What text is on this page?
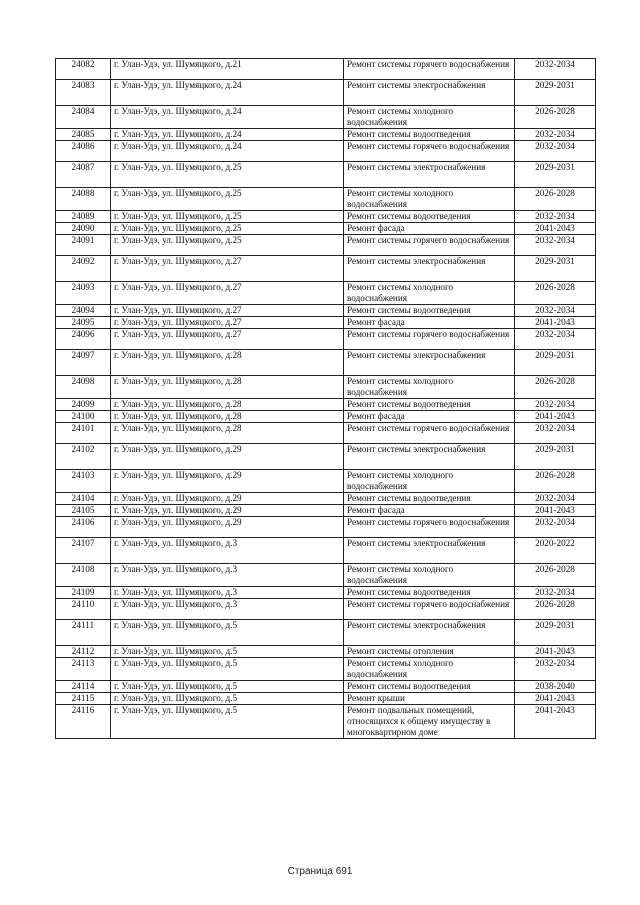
24082	г. Улан-Удэ, ул. Шумяцкого, д.21	Ремонт системы горячего водоснабжения	2032-2034
24083	г. Улан-Удэ, ул. Шумяцкого, д.24	Ремонт системы электроснабжения	2029-2031
24084	г. Улан-Удэ, ул. Шумяцкого, д.24	Ремонт системы холодного водоснабжения	2026-2028
24085	г. Улан-Удэ, ул. Шумяцкого, д.24	Ремонт системы водоотведения	2032-2034
24086	г. Улан-Удэ, ул. Шумяцкого, д.24	Ремонт системы горячего водоснабжения	2032-2034
24087	г. Улан-Удэ, ул. Шумяцкого, д.25	Ремонт системы электроснабжения	2029-2031
24088	г. Улан-Удэ, ул. Шумяцкого, д.25	Ремонт системы холодного водоснабжения	2026-2028
24089	г. Улан-Удэ, ул. Шумяцкого, д.25	Ремонт системы водоотведения	2032-2034
24090	г. Улан-Удэ, ул. Шумяцкого, д.25	Ремонт фасада	2041-2043
24091	г. Улан-Удэ, ул. Шумяцкого, д.25	Ремонт системы горячего водоснабжения	2032-2034
24092	г. Улан-Удэ, ул. Шумяцкого, д.27	Ремонт системы электроснабжения	2029-2031
24093	г. Улан-Удэ, ул. Шумяцкого, д.27	Ремонт системы холодного водоснабжения	2026-2028
24094	г. Улан-Удэ, ул. Шумяцкого, д.27	Ремонт системы водоотведения	2032-2034
24095	г. Улан-Удэ, ул. Шумяцкого, д.27	Ремонт фасада	2041-2043
24096	г. Улан-Удэ, ул. Шумяцкого, д.27	Ремонт системы горячего водоснабжения	2032-2034
24097	г. Улан-Удэ, ул. Шумяцкого, д.28	Ремонт системы электроснабжения	2029-2031
24098	г. Улан-Удэ, ул. Шумяцкого, д.28	Ремонт системы холодного водоснабжения	2026-2028
24099	г. Улан-Удэ, ул. Шумяцкого, д.28	Ремонт системы водоотведения	2032-2034
24100	г. Улан-Удэ, ул. Шумяцкого, д.28	Ремонт фасада	2041-2043
24101	г. Улан-Удэ, ул. Шумяцкого, д.28	Ремонт системы горячего водоснабжения	2032-2034
24102	г. Улан-Удэ, ул. Шумяцкого, д.29	Ремонт системы электроснабжения	2029-2031
24103	г. Улан-Удэ, ул. Шумяцкого, д.29	Ремонт системы холодного водоснабжения	2026-2028
24104	г. Улан-Удэ, ул. Шумяцкого, д.29	Ремонт системы водоотведения	2032-2034
24105	г. Улан-Удэ, ул. Шумяцкого, д.29	Ремонт фасада	2041-2043
24106	г. Улан-Удэ, ул. Шумяцкого, д.29	Ремонт системы горячего водоснабжения	2032-2034
24107	г. Улан-Удэ, ул. Шумяцкого, д.3	Ремонт системы электроснабжения	2020-2022
24108	г. Улан-Удэ, ул. Шумяцкого, д.3	Ремонт системы холодного водоснабжения	2026-2028
24109	г. Улан-Удэ, ул. Шумяцкого, д.3	Ремонт системы водоотведения	2032-2034
24110	г. Улан-Удэ, ул. Шумяцкого, д.3	Ремонт системы горячего водоснабжения	2026-2028
24111	г. Улан-Удэ, ул. Шумяцкого, д.5	Ремонт системы электроснабжения	2029-2031
24112	г. Улан-Удэ, ул. Шумяцкого, д.5	Ремонт системы отопления	2041-2043
24113	г. Улан-Удэ, ул. Шумяцкого, д.5	Ремонт системы холодного водоснабжения	2032-2034
24114	г. Улан-Удэ, ул. Шумяцкого, д.5	Ремонт системы водоотведения	2038-2040
24115	г. Улан-Удэ, ул. Шумяцкого, д.5	Ремонт крыши	2041-2043
24116	г. Улан-Удэ, ул. Шумяцкого, д.5	Ремонт подвальных помещений, относящихся к общему имуществу в многоквартирном доме	2041-2043
Страница 691
